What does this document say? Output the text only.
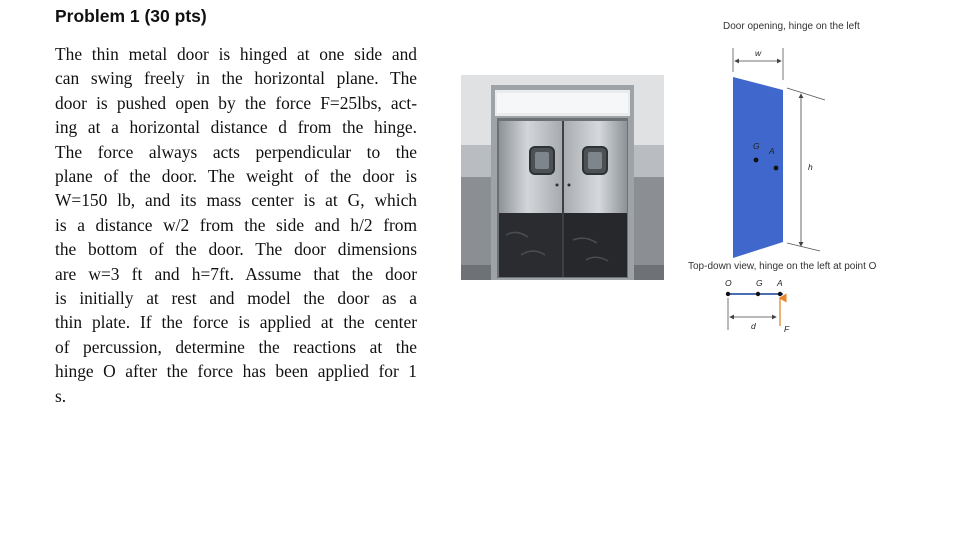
Problem 1 (30 pts)
The thin metal door is hinged at one side and
can swing freely in the horizontal plane. The
door is pushed open by the force F=25lbs, act-
ing at a horizontal distance d from the hinge.
The force always acts perpendicular to the
plane of the door. The weight of the door is
W=150 lb, and its mass center is at G, which
is a distance w/2 from the side and h/2 from
the bottom of the door. The door dimensions
are w=3 ft and h=7ft. Assume that the door
is initially at rest and model the door as a
thin plate. If the force is applied at the center
of percussion, determine the reactions at the
hinge O after the force has been applied for 1
s.
Door opening, hinge on the left
w
h
G A
Top-down view, hinge on the left at point O
O	G A
d	F
